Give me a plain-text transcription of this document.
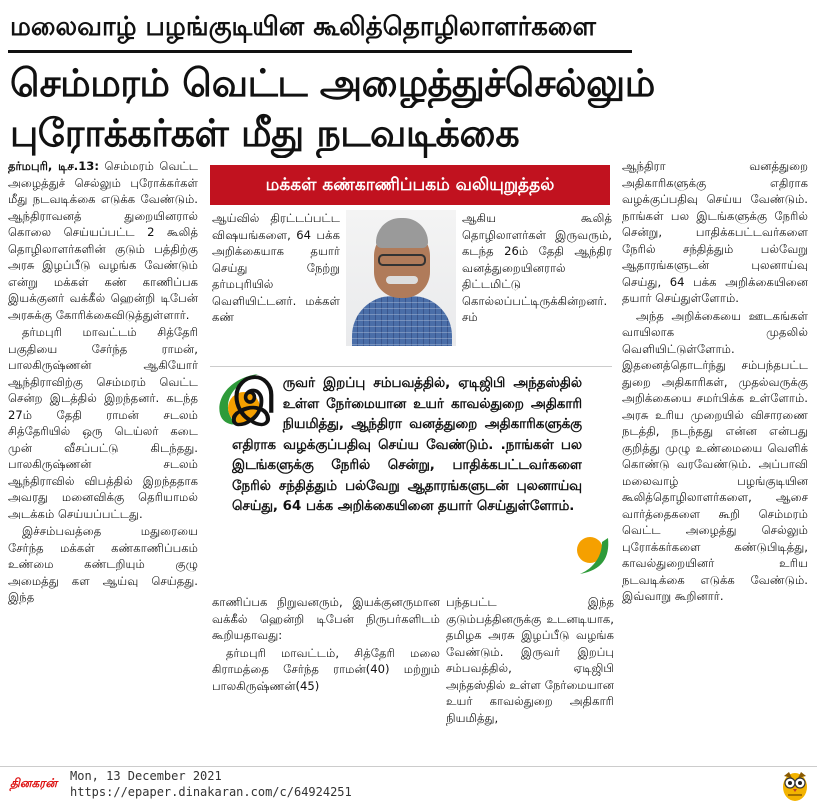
மலைவாழ் பழங்குடியின கூலித்தொழிலாளர்களை
செம்மரம் வெட்ட அழைத்துச்செல்லும்
புரோக்கர்கள் மீது நடவடிக்கை
மக்கள் கண்காணிப்பகம் வலியுறுத்தல்

தர்மபுரி, டிச.13: செம்மரம் வெட்ட அழைத்துச் செல்லும் புரோக்கர்கள் மீது நடவடிக்கை எடுக்க வேண்டும். ஆந்திராவனத் துறையினரால் கொலை செய்யப்பட்ட 2 கூலித் தொழிலாளர்களின் குடும் பத்திற்கு அரசு இழப்பீடு வழங்க வேண்டும் என்று மக்கள் கண் காணிப்பக இயக்குனர் வக்கீல் ஹென்றி டிபேன் அரசுக்கு கோரிக்கைவிடுத்துள்ளார்.

தர்மபுரி மாவட்டம் சித்தேரி பகுதியை சேர்ந்த ராமன், பாலகிருஷ்ணன் ஆகியோர் ஆந்திராவிற்கு செம்மரம் வெட்ட சென்ற இடத்தில் இறந்தனர். கடந்த 27ம் தேதி ராமன் சடலம் சித்தேரியில் ஒரு டெய்லர் கடை முன் வீசப்பட்டு கிடந்தது. பாலகிருஷ்ணன் சடலம் ஆந்திராவில் விபத்தில் இறந்ததாக அவரது மனைவிக்கு தெரியாமல் அடக்கம் செய்யப்பட்டது.

இச்சம்பவத்தை மதுரையை சேர்ந்த மக்கள் கண்காணிப்பகம் உண்மை கண்டறியும் குழு அமைத்து கள ஆய்வு செய்தது. இந்த

ஆய்வில் திரட்டப்பட்ட விஷயங்களை, 64 பக்க அறிக்கையாக தயார் செய்து நேற்று தர்மபுரியில் வெளியிட்டனர். மக்கள் கண்

ஆகிய கூலித் தொழிலாளர்கள் இருவரும், கடந்த 26ம் தேதி ஆந்திர வனத்துறையினரால் திட்டமிட்டு கொல்லப்பட்டிருக்கின்றனர். சம்

இ ருவர் இறப்பு சம்பவத்தில், ஏடிஜிபி அந்தஸ்தில் உள்ள நேர்மையான உயர் காவல்துறை அதிகாரி நியமித்து, ஆந்திரா வனத்துறை அதிகாரிகளுக்கு எதிராக வழக்குப்பதிவு செய்ய வேண்டும். .நாங்கள் பல இடங்களுக்கு நேரில் சென்று, பாதிக்கபட்டவர்களை நேரில் சந்தித்தும் பல்வேறு ஆதாரங்களுடன் புலனாய்வு செய்து, 64 பக்க அறிக்கையினை தயார் செய்துள்ளோம்.

காணிப்பக நிறுவனரும், இயக்குனருமான வக்கீல் ஹென்றி டிபேன் நிருபர்களிடம் கூறியதாவது:

தர்மபுரி மாவட்டம், சித்தேரி மலை கிராமத்தை சேர்ந்த ராமன்(40) மற்றும் பாலகிருஷ்ணன்(45)

பந்தபட்ட இந்த குடும்பத்தினருக்கு உடனடியாக, தமிழக அரசு இழப்பீடு வழங்க வேண்டும். இருவர் இறப்பு சம்பவத்தில், ஏடிஜிபி அந்தஸ்தில் உள்ள நேர்மையான உயர் காவல்துறை அதிகாரி நியமித்து,

ஆந்திரா வனத்துறை அதிகாரிகளுக்கு எதிராக வழக்குப்பதிவு செய்ய வேண்டும். நாங்கள் பல இடங்களுக்கு நேரில் சென்று, பாதிக்கபட்டவர்களை நேரில் சந்தித்தும் பல்வேறு ஆதாரங்களுடன் புலனாய்வு செய்து, 64 பக்க அறிக்கையினை தயார் செய்துள்ளோம்.

அந்த அறிக்கையை ஊடகங்கள் வாயிலாக முதலில் வெளியிட்டுள்ளோம். இதனைத்தொடர்ந்து சம்பந்தபட்ட துறை அதிகாரிகள், முதல்வருக்கு அறிக்கையை சமர்பிக்க உள்ளோம். அரசு உரிய முறையில் விசாரணை நடத்தி, நடந்தது என்ன என்பது குறித்து முழு உண்மையை வெளிக் கொண்டு வரவேண்டும். அப்பாவி மலைவாழ் பழங்குடியின கூலித்தொழிலாளர்களை, ஆசை வார்த்தைகளை கூறி செம்மரம் வெட்ட அழைத்து செல்லும் புரோக்கர்களை கண்டுபிடித்து, காவல்துறையினர் உரிய நடவடிக்கை எடுக்க வேண்டும். இவ்வாறு கூறினார்.

தினகரன்	Mon, 13 December 2021
https://epaper.dinakaran.com/c/64924251
